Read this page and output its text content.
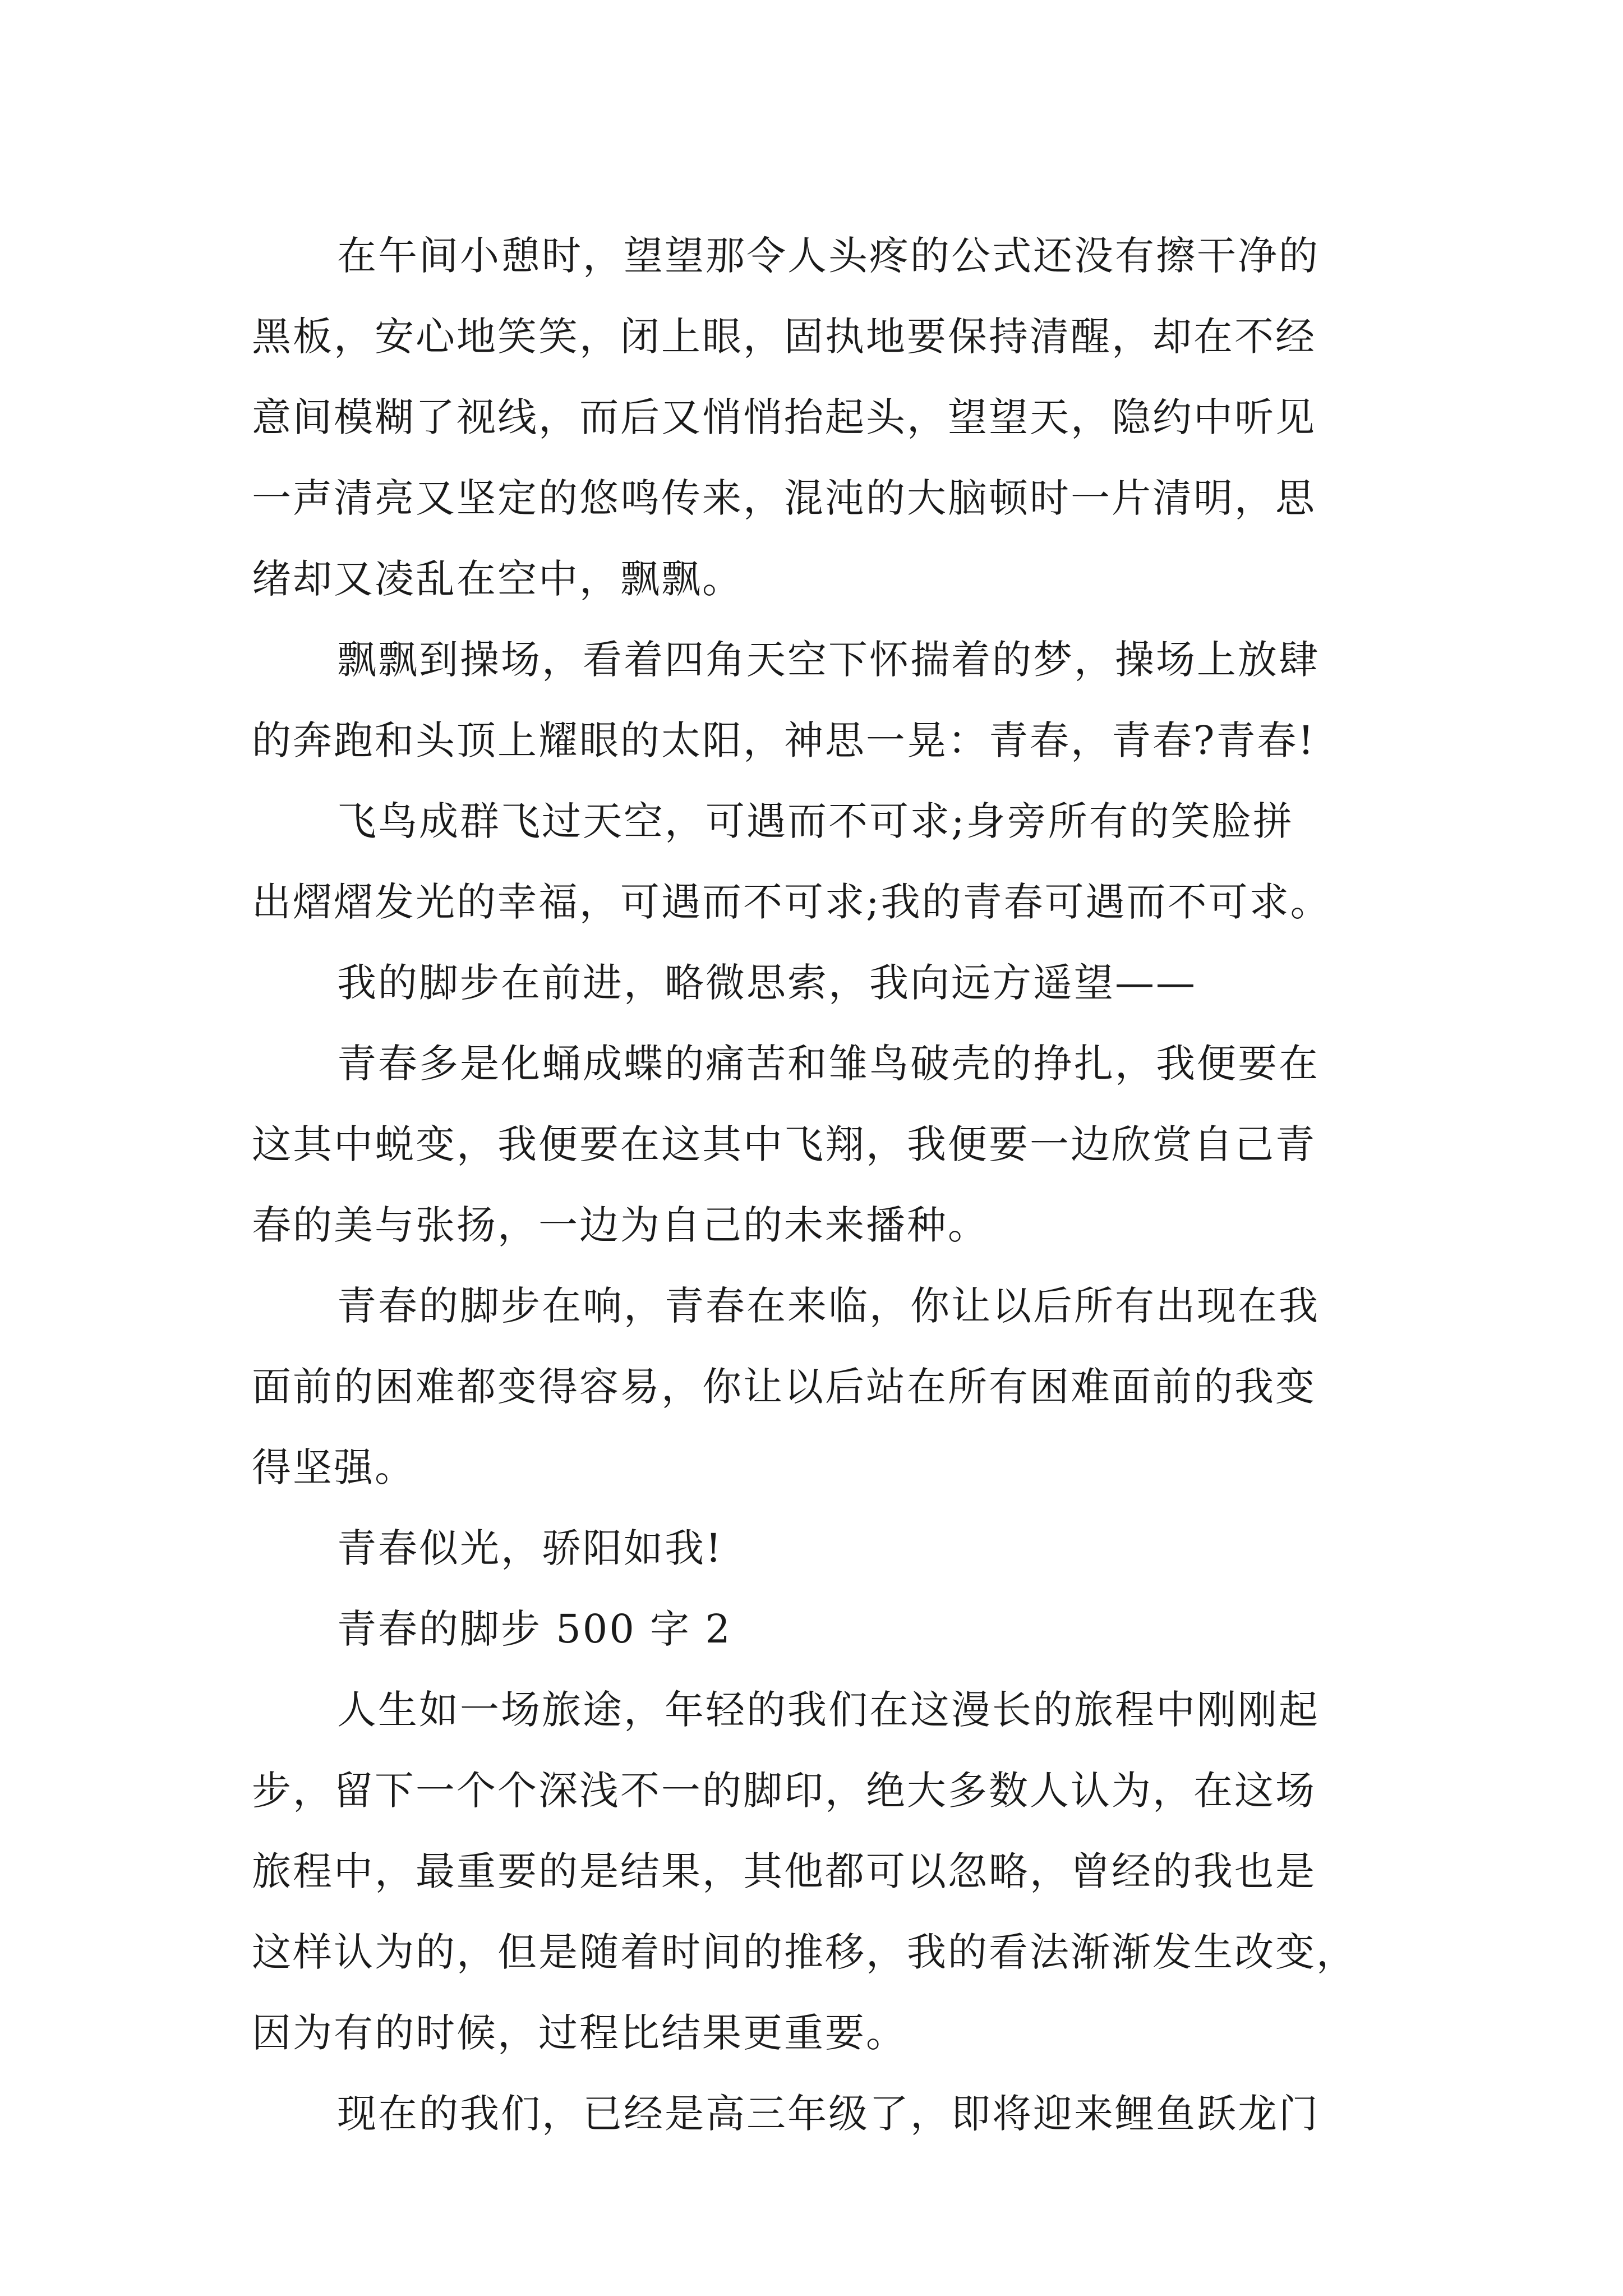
在午间小憩时，望望那令人头疼的公式还没有擦干净的
黑板，安心地笑笑，闭上眼，固执地要保持清醒，却在不经
意间模糊了视线，而后又悄悄抬起头，望望天，隐约中听见
一声清亮又坚定的悠鸣传来，混沌的大脑顿时一片清明，思
绪却又凌乱在空中，飘飘。
飘飘到操场，看着四角天空下怀揣着的梦，操场上放肆
的奔跑和头顶上耀眼的太阳，神思一晃：青春，青春?青春!
飞鸟成群飞过天空，可遇而不可求;身旁所有的笑脸拼
出熠熠发光的幸福，可遇而不可求;我的青春可遇而不可求。
我的脚步在前进，略微思索，我向远方遥望——
青春多是化蛹成蝶的痛苦和雏鸟破壳的挣扎，我便要在
这其中蜕变，我便要在这其中飞翔，我便要一边欣赏自己青
春的美与张扬，一边为自己的未来播种。
青春的脚步在响，青春在来临，你让以后所有出现在我
面前的困难都变得容易，你让以后站在所有困难面前的我变
得坚强。
青春似光，骄阳如我!
青春的脚步 500 字 2
人生如一场旅途，年轻的我们在这漫长的旅程中刚刚起
步，留下一个个深浅不一的脚印，绝大多数人认为，在这场
旅程中，最重要的是结果，其他都可以忽略，曾经的我也是
这样认为的，但是随着时间的推移，我的看法渐渐发生改变，
因为有的时候，过程比结果更重要。
现在的我们，已经是高三年级了，即将迎来鲤鱼跃龙门
